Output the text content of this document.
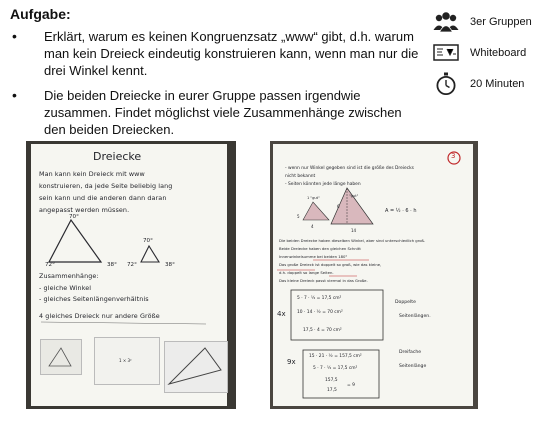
Aufgabe:
• Erklärt, warum es keinen Kongruenzsatz „www“ gibt, d.h. warum man kein Dreieck eindeutig konstruieren kann, wenn man nur die drei Winkel kennt.
• Die beiden Dreiecke in eurer Gruppe passen irgendwie zusammen. Findet möglichst viele Zusammenhänge zwischen den beiden Dreiecken.
3er Gruppen
Whiteboard
20 Minuten
Dreiecke
Man kann kein Dreieck mit www
konstruieren, da jede Seite beliebig lang
sein kann und die anderen dann daran
angepasst werden müssen.
70°
72°	38°
70°
72°	38°
Zusammenhänge:
- gleiche Winkel
- gleiches Seitenlängenverhältnis
4 gleiches Dreieck nur andere Größe
1 × 3²
3
- wenn nur Winkel gegeben sind ist die größe des Dreiecks
nicht bekannt
- Seiten könnten jede länge haben
1 "gut"	"gut"
5
6
4
14
A = ½ · 6 · h
Die beiden Dreiecke haben dieselben Winkel, aber sind unterschiedlich groß.
Beide Dreiecke haben den gleichen Schnitt
Innenwinkelsumme bei beiden 180°
Das große Dreieck ist doppelt so groß, wie das kleine,
d.h. doppelt so lange Seiten.
Das kleine Dreieck passt viermal in das Große.
4x
5 · 7 · ½ = 17,5 cm²
10 · 14 · ½ = 70 cm²
17,5 · 4 = 70 cm²
Doppelte
Seitenlängen.
9x
15 · 21 · ½ = 157,5 cm²
5 · 7 · ½ = 17,5 cm²
157,5
17,5
= 9
Dreifache
Seitenlänge
